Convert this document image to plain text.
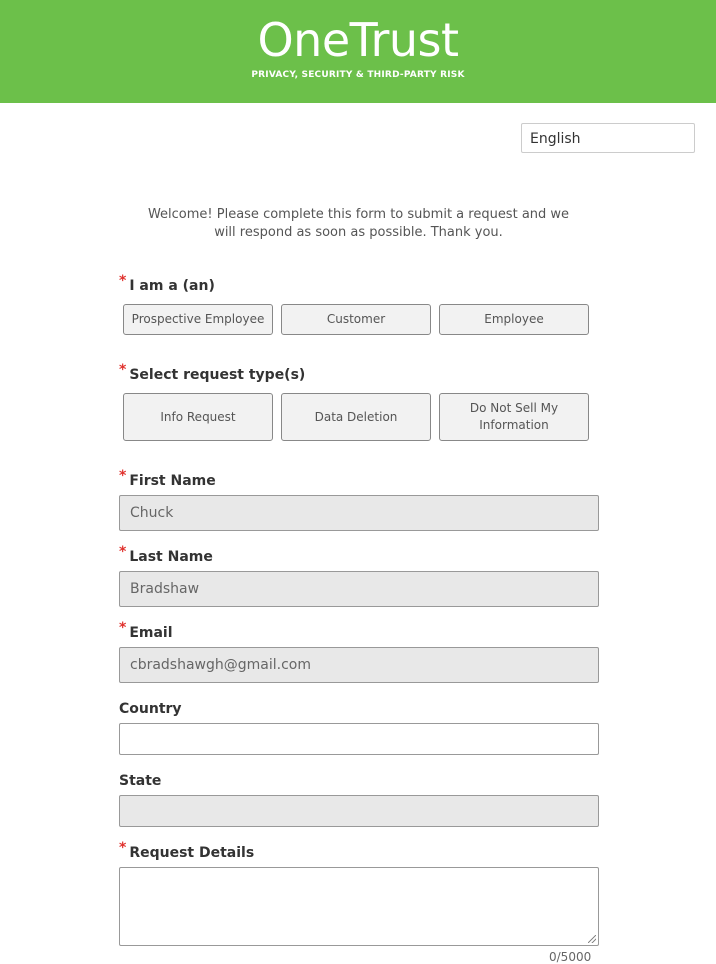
OneTrust
PRIVACY, SECURITY & THIRD-PARTY RISK
English
Welcome! Please complete this form to submit a request and we will respond as soon as possible. Thank you.
* I am a (an)
Prospective Employee	Customer	Employee
* Select request type(s)
Info Request	Data Deletion
Do Not Sell My Information
* First Name
Chuck
* Last Name
Bradshaw
* Email
cbradshawgh@gmail.com
Country
State
* Request Details
0/5000
